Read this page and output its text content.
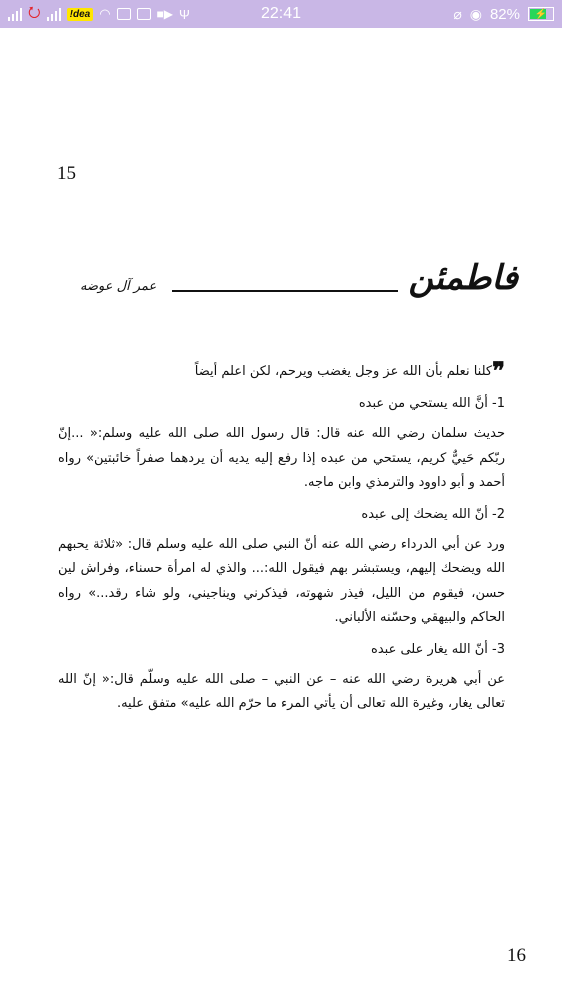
⭮	!dea ◠	■▶ Ψ	22:41	⌀ ◉ 82% ⚡
15
عمر آل عوضه	فاطمئن

❞كلنا نعلم بأن الله عز وجل يغضب ويرحم، لكن اعلم أيضاً

1- أنَّ الله يستحي من عبده

حديث سلمان رضي الله عنه قال: قال رسول الله صلى الله عليه وسلم:« ...إنّ ربّكم حَييٌّ كريم، يستحي من عبده إذا رفع إليه يديه أن يردهما صفراً خائبتين» رواه أحمد و أبو داوود والترمذي وابن ماجه.

2- أنّ الله يضحك إلى عبده

ورد عن أبي الدرداء رضي الله عنه أنّ النبي صلى الله عليه وسلم قال: «ثلاثة يحبهم الله ويضحك إليهم، ويستبشر بهم فيقول الله:... والذي له امرأة حسناء، وفراش لين حسن، فيقوم من الليل، فيذر شهوته، فيذكرني ويناجيني، ولو شاء رقد...» رواه الحاكم والبيهقي وحسّنه الألباني.

3- أنّ الله يغار على عبده

عن أبي هريرة رضي الله عنه – عن النبي – صلى الله عليه وسلّم قال:« إنّ الله تعالى يغار، وغيرة الله تعالى أن يأتي المرء ما حرّم الله عليه» متفق عليه.

16
